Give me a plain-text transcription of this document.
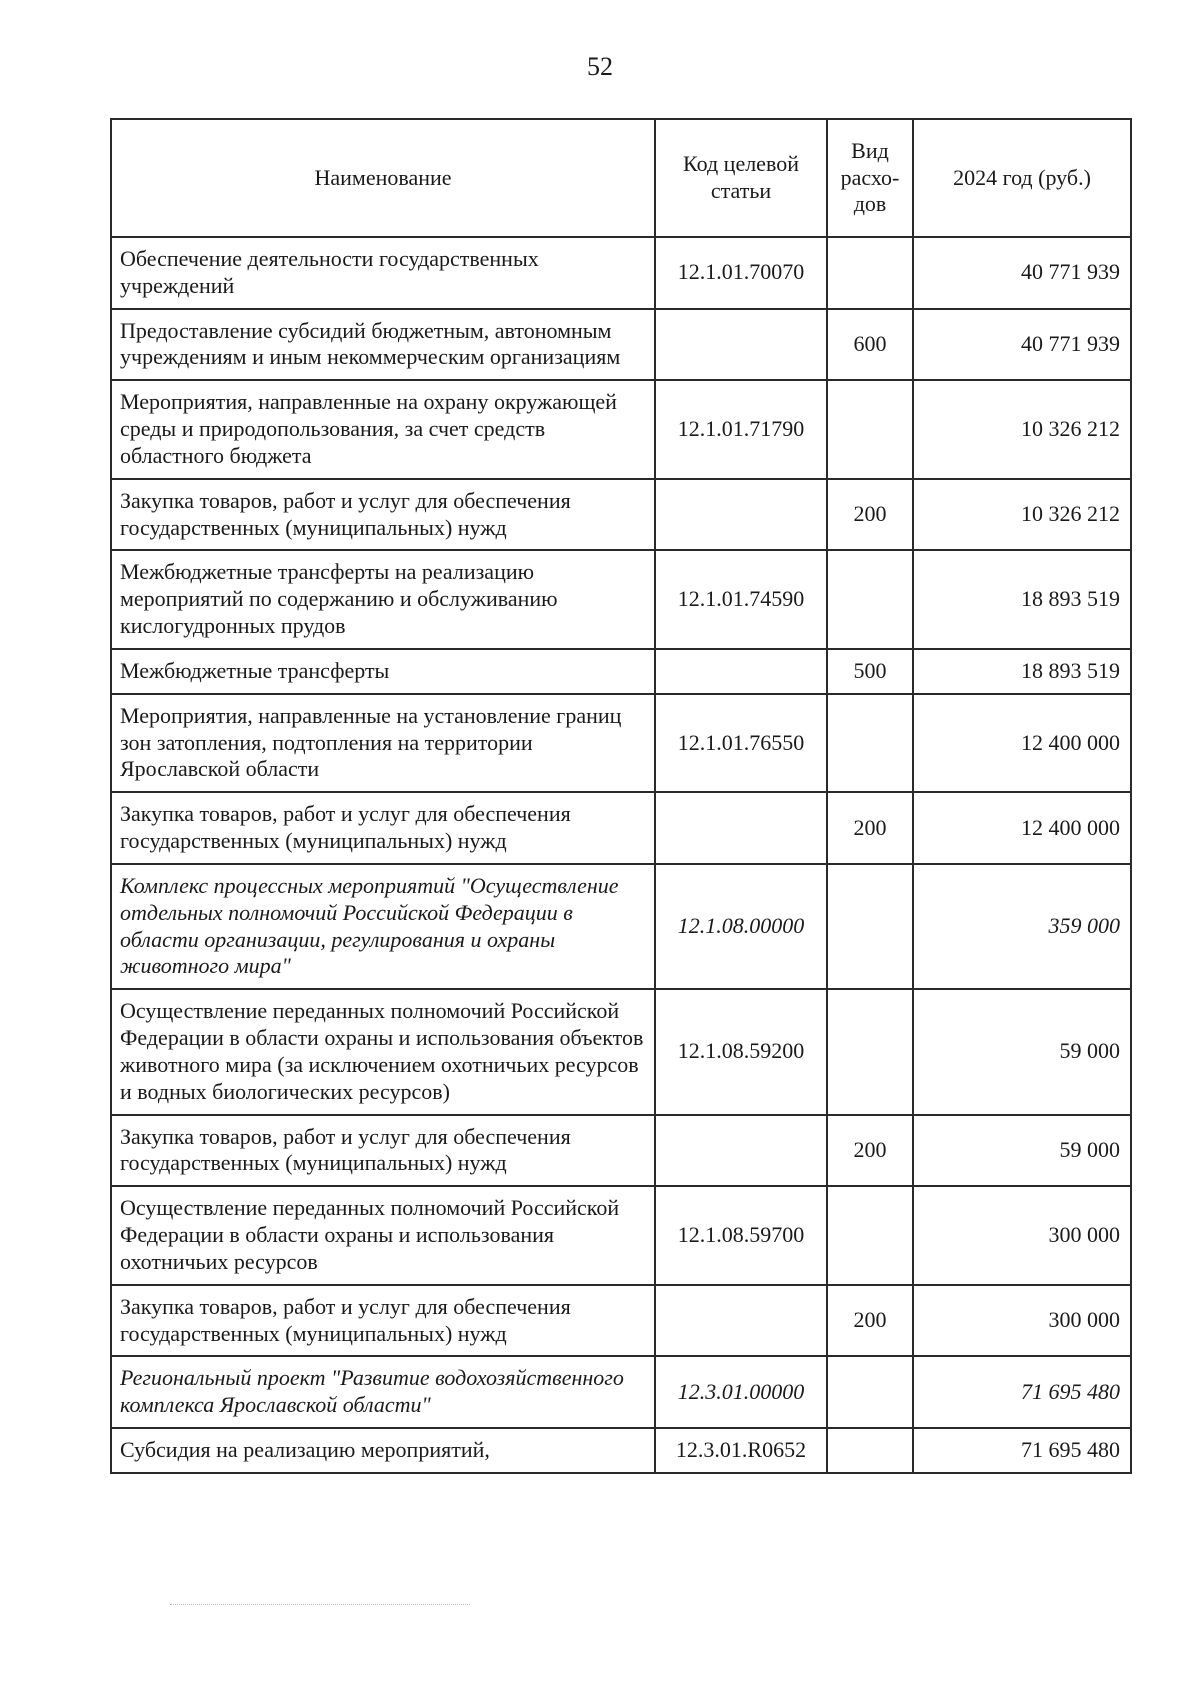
52
Наименование	Код целевой статьи	Вид расхо-дов	2024 год (руб.)
Обеспечение деятельности государственных учреждений	12.1.01.70070		40 771 939
Предоставление субсидий бюджетным, автономным учреждениям и иным некоммерческим организациям		600	40 771 939
Мероприятия, направленные на охрану окружающей среды и природопользования, за счет средств областного бюджета	12.1.01.71790		10 326 212
Закупка товаров, работ и услуг для обеспечения государственных (муниципальных) нужд		200	10 326 212
Межбюджетные трансферты на реализацию мероприятий по содержанию и обслуживанию кислогудронных прудов	12.1.01.74590		18 893 519
Межбюджетные трансферты		500	18 893 519
Мероприятия, направленные на установление границ зон затопления, подтопления на территории Ярославской области	12.1.01.76550		12 400 000
Закупка товаров, работ и услуг для обеспечения государственных (муниципальных) нужд		200	12 400 000
Комплекс процессных мероприятий "Осуществление отдельных полномочий Российской Федерации в области организации, регулирования и охраны животного мира"	12.1.08.00000		359 000
Осуществление переданных полномочий Российской Федерации в области охраны и использования объектов животного мира (за исключением охотничьих ресурсов и водных биологических ресурсов)	12.1.08.59200		59 000
Закупка товаров, работ и услуг для обеспечения государственных (муниципальных) нужд		200	59 000
Осуществление переданных полномочий Российской Федерации в области охраны и использования охотничьих ресурсов	12.1.08.59700		300 000
Закупка товаров, работ и услуг для обеспечения государственных (муниципальных) нужд		200	300 000
Региональный проект "Развитие водохозяйственного комплекса Ярославской области"	12.3.01.00000		71 695 480
Субсидия на реализацию мероприятий,	12.3.01.R0652		71 695 480
